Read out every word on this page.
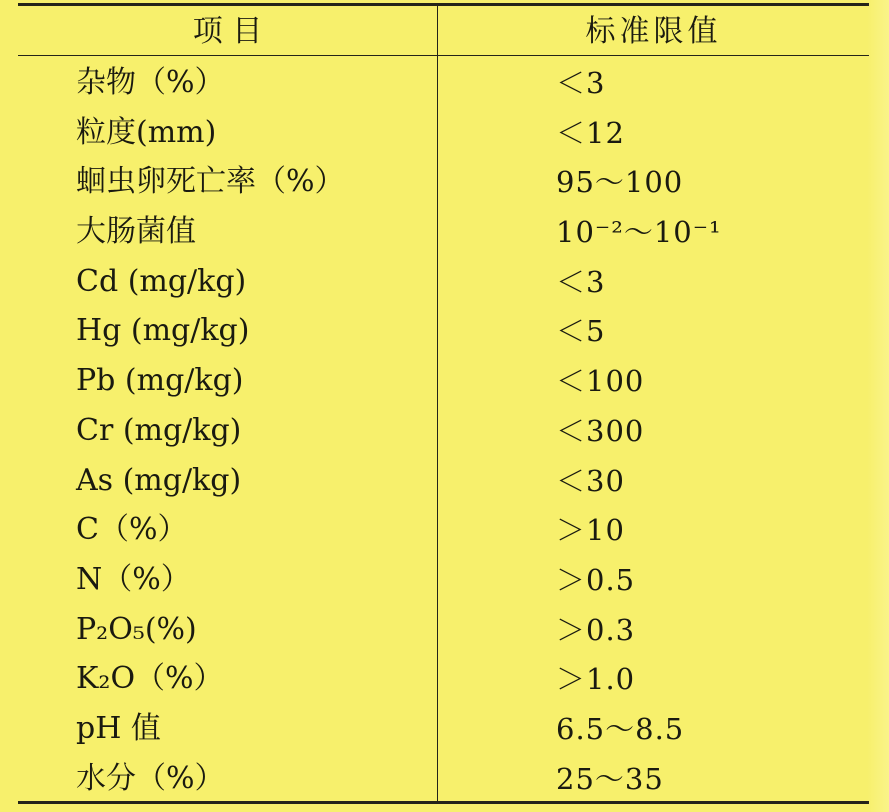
项 目	标准限值
杂物（%）	＜3
粒度(mm)	＜12
蛔虫卵死亡率（%）	95～100
大肠菌值	10⁻²～10⁻¹
Cd (mg/kg)	＜3
Hg (mg/kg)	＜5
Pb (mg/kg)	＜100
Cr (mg/kg)	＜300
As (mg/kg)	＜30
C（%）	＞10
N（%）	＞0.5
P₂O₅(%)	＞0.3
K₂O（%）	＞1.0
pH 值	6.5～8.5
水分（%）	25～35
